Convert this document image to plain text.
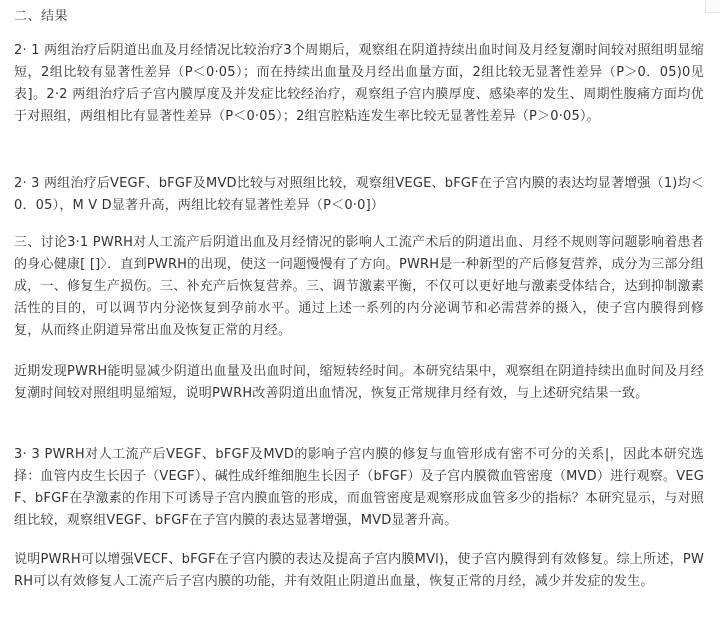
二、结果

2· 1 两组治疗后阴道出血及月经情况比较治疗3个周期后，观察组在阴道持续出血时间及月经复潮时间较对照组明显缩短，2组比较有显著性差异（P＜0·05）；而在持续出血量及月经出血量方面，2组比较无显著性差异（P＞0．05)0见表]。2·2 两组治疗后子宫内膜厚度及并发症比较经治疗，观察组子宫内膜厚度、感染率的发生、周期性腹痛方面均优于对照组，两组相比有显著性差异（P＜0·05）；2组宫腔粘连发生率比较无显著性差异（P＞0·05）。

2· 3 两组治疗后VEGF、bFGF及MVD比较与对照组比较，观察组VEGE、bFGF在子宫内膜的表达均显著增强（1)均＜0．05），M V D显著升高，两组比较有显著性差异（P＜0·0]）

三、讨论3·1 PWRH对人工流产后阴道出血及月经情况的影响人工流产术后的阴道出血、月经不规则等问题影响着患者的身心健康[ []〉．直到PWRH的出现，使这一问题慢慢有了方向。PWRH是一种新型的产后修复营养，成分为三部分组成，一、修复生产损伤。三、补充产后恢复营养。三、调节激素平衡，不仅可以更好地与激素受体结合，达到抑制激素活性的目的，可以调节内分泌恢复到孕前水平。通过上述一系列的内分泌调节和必需营养的摄入，使子宫内膜得到修复，从而终止阴道异常出血及恢复正常的月经。

近期发现PWRH能明显减少阴道出血量及出血时间，缩短转经时间。本研究结果中，观察组在阴道持续出血时间及月经复潮时间较对照组明显缩短，说明PWRH改善阴道出血情况，恢复正常规律月经有效，与上述研究结果一致。

3· 3 PWRH对人工流产后VEGF、bFGF及MVD的影响子宫内膜的修复与血管形成有密不可分的关系|，因此本研究选择：血管内皮生长因子（VEGF）、碱性成纤维细胞生长因子（bFGF）及子宫内膜微血管密度（MVD）进行观察。VEGF、bFGF在孕激素的作用下可诱导子宫内膜血管的形成，而血管密度是观察形成血管多少的指标？本研究显示，与对照组比较，观察组VEGF、bFGF在子宫内膜的表达显著增强，MVD显著升高。

说明PWRH可以增强VECF、bFGF在子宫内膜的表达及提高子宫内膜MVl)，使子宫内膜得到有效修复。综上所述，PWRH可以有效修复人工流产后子宫内膜的功能，并有效阻止阴道出血量，恢复正常的月经，减少并发症的发生。
